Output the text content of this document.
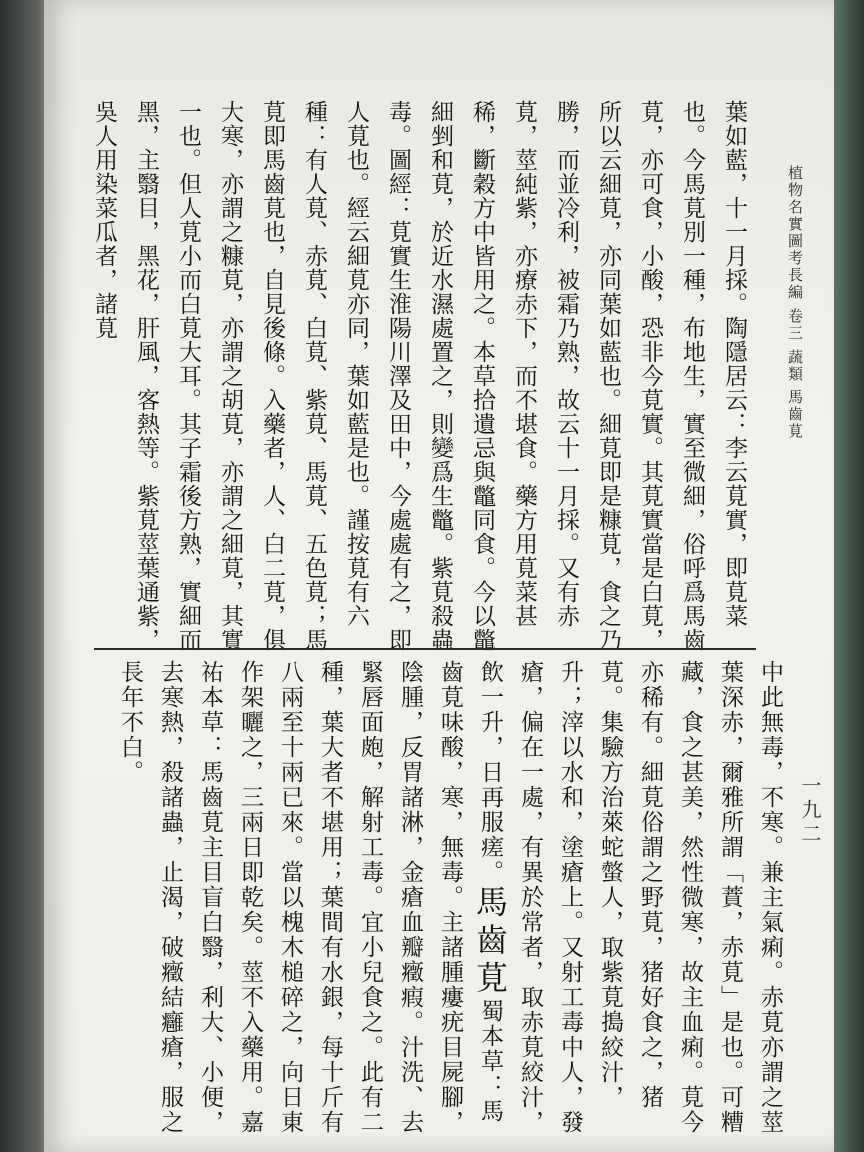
植物名實圖考長編 卷三 蔬類 馬齒莧
葉如藍，十一月採。陶隱居云：李云莧實，即莧菜也。今馬莧別一種，布地生，實至微細，俗呼爲馬齒莧，亦可食，小酸，恐非今莧實。其莧實當是白莧，所以云細莧，亦同葉如藍也。細莧即是糠莧，食之乃勝，而並冷利，被霜乃熟，故云十一月採。又有赤莧，莖純紫，亦療赤下，而不堪食。藥方用莧菜甚稀，斷穀方中皆用之。本草拾遺忌與鼈同食。今以鼈細剉和莧，於近水濕處置之，則變爲生鼈。紫莧殺蟲毒。圖經：莧實生淮陽川澤及田中，今處處有之，即人莧也。經云細莧亦同，葉如藍是也。謹按莧有六種：有人莧、赤莧、白莧、紫莧、馬莧、五色莧；馬莧即馬齒莧也，自見後條。入藥者，人、白二莧，俱大寒，亦謂之糠莧，亦謂之胡莧，亦謂之細莧，其實一也。但人莧小而白莧大耳。其子霜後方熟，實細而黑，主翳目，黑花，肝風，客熱等。紫莧莖葉通紫，吳人用染菜瓜者，諸莧
中此無毒，不寒。兼主氣痢。赤莧亦謂之莖葉深赤，爾雅所謂「蕡，赤莧」是也。可糟藏，食之甚美，然性微寒，故主血痢。莧今亦稀有。細莧俗謂之野莧，猪好食之，猪莧。集驗方治萊蛇螫人，取紫莧搗絞汁，升；滓以水和，塗瘡上。又射工毒中人，發瘡，偏在一處，有異於常者，取赤莧絞汁，飲一升，日再服瘥。馬齒莧蜀本草：馬齒莧味酸，寒，無毒。主諸腫瘻疣目屍腳，陰腫，反胃諸淋，金瘡血瓣癥瘕。汁洗、去緊唇面皰，解射工毒。宜小兒食之。此有二種，葉大者不堪用；葉間有水銀，每十斤有八兩至十兩已來。當以槐木槌碎之，向日東作架曬之，三兩日即乾矣。莖不入藥用。嘉祐本草：馬齒莧主目盲白翳，利大、小便，去寒熱，殺諸蟲，止渴，破癥結癰瘡，服之長年不白。
一九二
